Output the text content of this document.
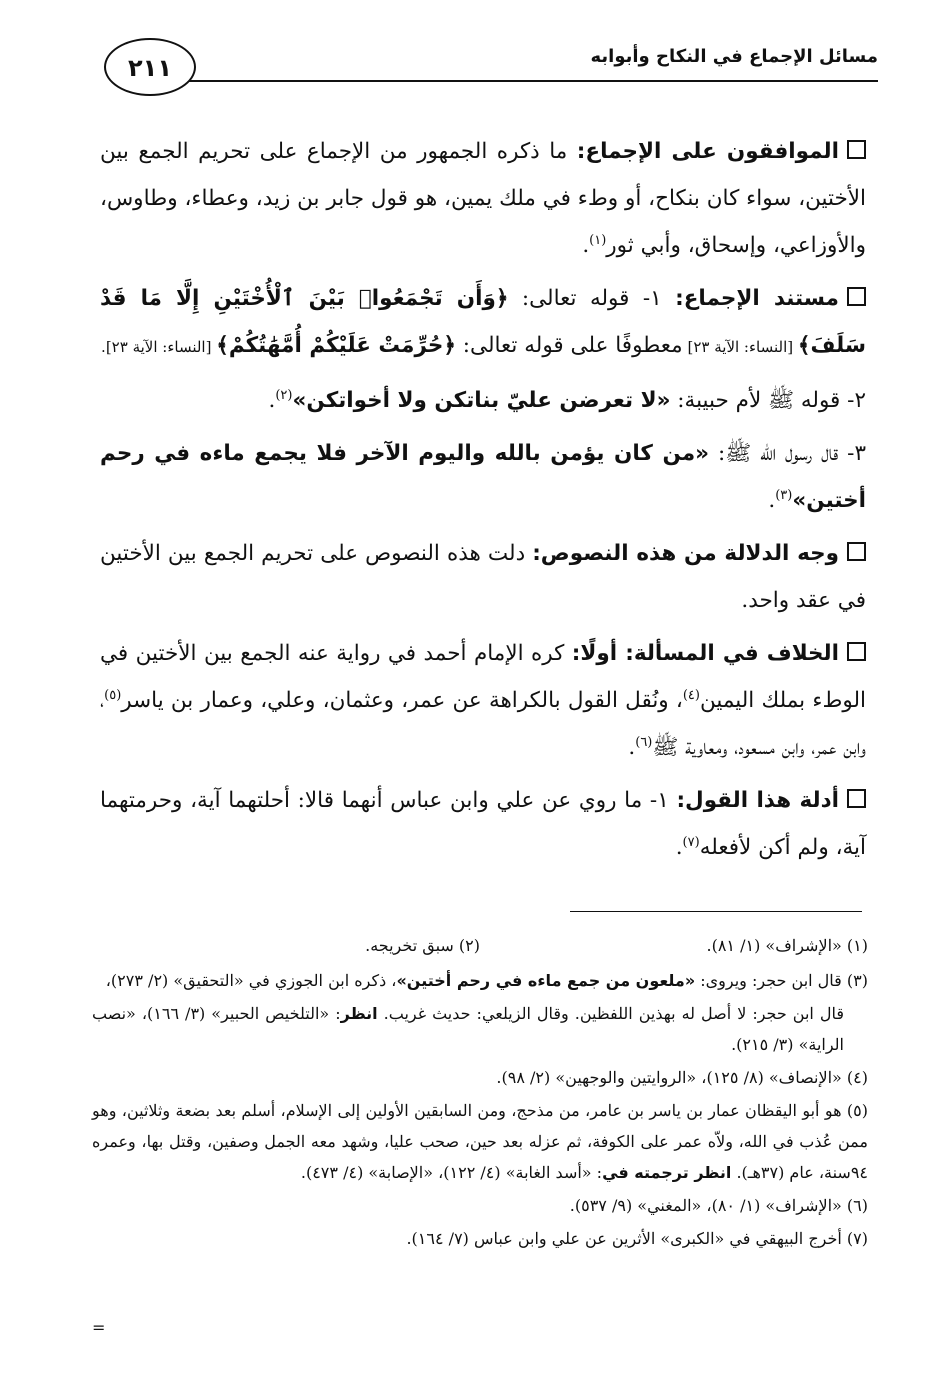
مسائل الإجماع في النكاح وأبوابه
٢١١

الموافقون على الإجماع: ما ذكره الجمهور من الإجماع على تحريم الجمع بين الأختين، سواء كان بنكاح، أو وطء في ملك يمين، هو قول جابر بن زيد، وعطاء، وطاوس، والأوزاعي، وإسحاق، وأبي ثور$^{(١)}$.

مستند الإجماع: ١- قوله تعالى: ﴿وَأَن تَجْمَعُوا۟ بَيْنَ ٱلْأُخْتَيْنِ إِلَّا مَا قَدْ سَلَفَ﴾ [النساء: الآية ٢٣] معطوفًا على قوله تعالى: ﴿حُرِّمَتْ عَلَيْكُمْ أُمَّهَٰتُكُمْ﴾ [النساء: الآية ٢٣].

٢- قوله ﷺ لأم حبيبة: «لا تعرضن عليّ بناتكن ولا أخواتكن»$^{(٢)}$.

٣- قال رسول الله ﷺ: «من كان يؤمن بالله واليوم الآخر فلا يجمع ماءه في رحم أختين»$^{(٣)}$.

وجه الدلالة من هذه النصوص: دلت هذه النصوص على تحريم الجمع بين الأختين في عقد واحد.

الخلاف في المسألة: أولًا: كره الإمام أحمد في رواية عنه الجمع بين الأختين في الوطء بملك اليمين$^{(٤)}$، ونُقل القول بالكراهة عن عمر، وعثمان، وعلي، وعمار بن ياسر$^{(٥)}$، وابن عمر، وابن مسعود، ومعاوية ﷺ$^{(٦)}$.

أدلة هذا القول: ١- ما روي عن علي وابن عباس أنهما قالا: أحلتهما آية، وحرمتهما آية، ولم أكن لأفعله$^{(٧)}$.

(١) «الإشراف» (١/ ٨١).
(٢) سبق تخريجه.
(٣) قال ابن حجر: ويروى: «ملعون من جمع ماءه في رحم أختين»، ذكره ابن الجوزي في «التحقيق» (٢/ ٢٧٣)،
قال ابن حجر: لا أصل له بهذين اللفظين. وقال الزيلعي: حديث غريب. انظر: «التلخيص الحبير» (٣/ ١٦٦)، «نصب الراية» (٣/ ٢١٥).
(٤) «الإنصاف» (٨/ ١٢٥)، «الروايتين والوجهين» (٢/ ٩٨).
(٥) هو أبو اليقظان عمار بن ياسر بن عامر، من مذحج، ومن السابقين الأولين إلى الإسلام، أسلم بعد بضعة وثلاثين، وهو ممن عُذب في الله، ولاّه عمر على الكوفة، ثم عزله بعد حين، صحب عليا، وشهد معه الجمل وصفين، وقتل بها، وعمره ٩٤سنة، عام (٣٧هـ). انظر ترجمته في: «أسد الغابة» (٤/ ١٢٢)، «الإصابة» (٤/ ٤٧٣).
(٦) «الإشراف» (١/ ٨٠)، «المغني» (٩/ ٥٣٧).
(٧) أخرج البيهقي في «الكبرى» الأثرين عن علي وابن عباس (٧/ ١٦٤).
=
